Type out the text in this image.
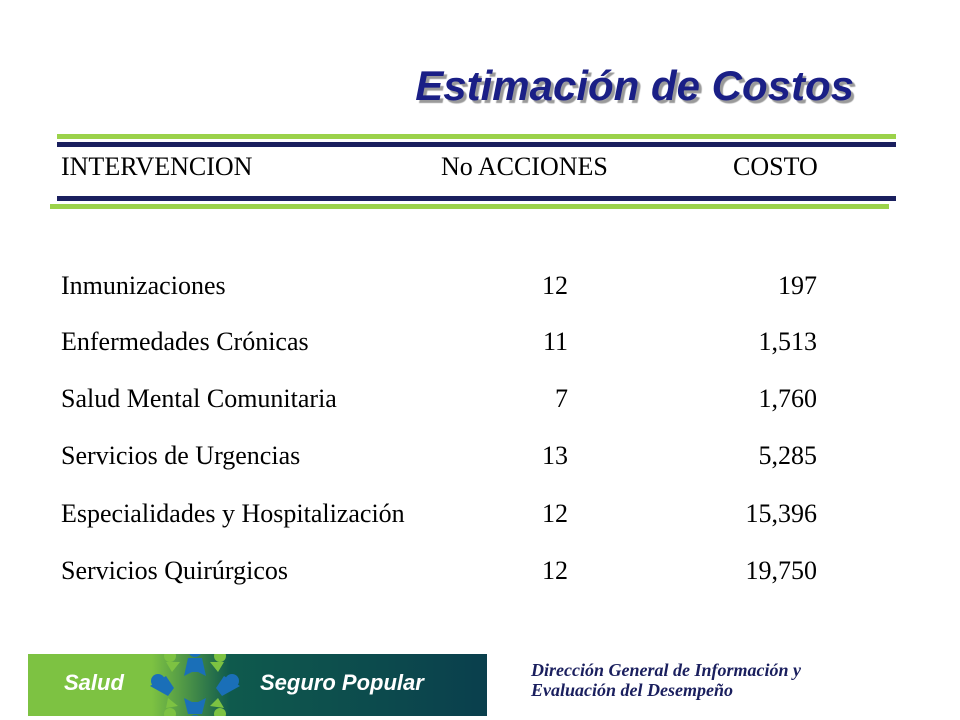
Estimación de Costos
INTERVENCION	No ACCIONES	COSTO
Inmunizaciones	12	197
Enfermedades Crónicas	11	1,513
Salud Mental Comunitaria	7	1,760
Servicios de Urgencias	13	5,285
Especialidades y Hospitalización	12	15,396
Servicios Quirúrgicos	12	19,750
Salud	Seguro Popular	Dirección General de Información y
Evaluación del Desempeño
